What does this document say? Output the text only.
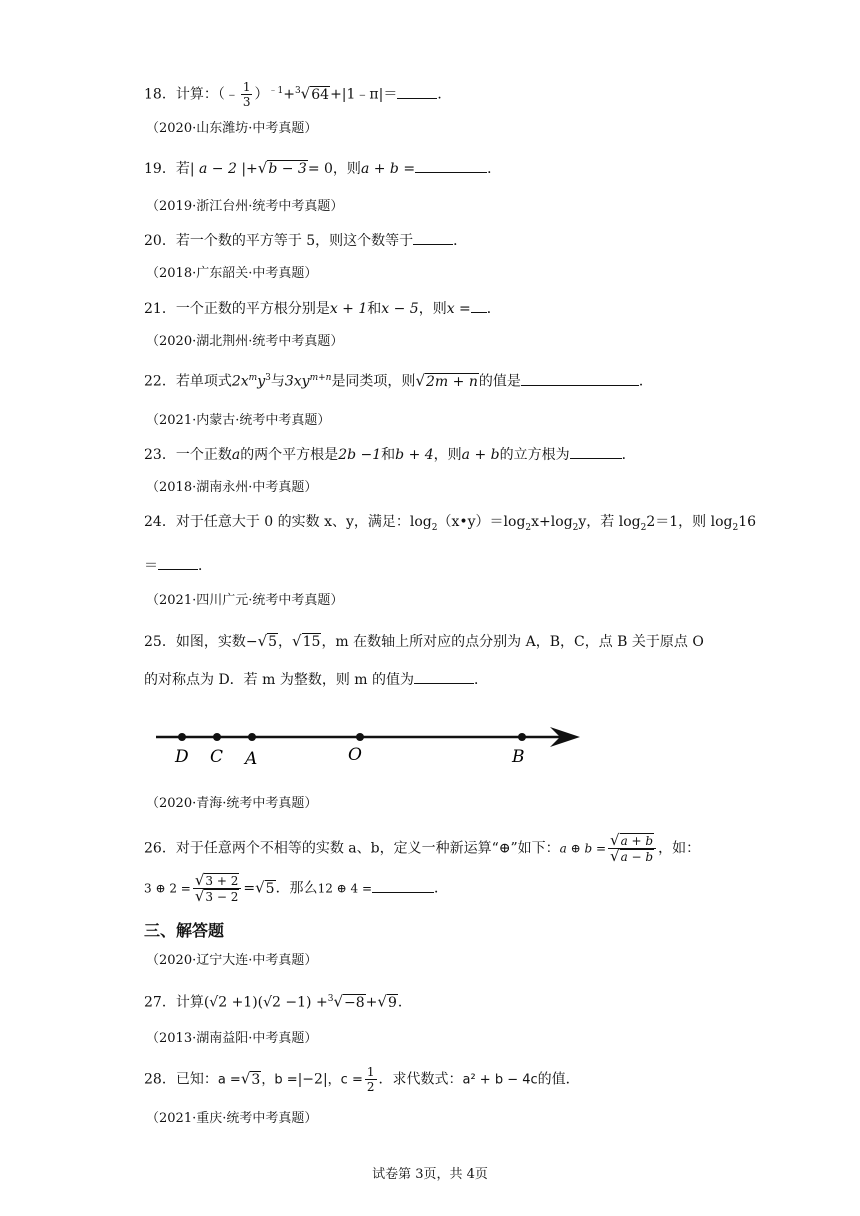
18．计算：（﹣ $\frac{1}{3}$ ）$^{﹣1}$+$^3$√64+|1﹣π|＝	．
（2020·山东潍坊·中考真题）
19．若| a − 2 |+√b − 3= 0，则a + b =	．
（2019·浙江台州·统考中考真题）
20．若一个数的平方等于 5，则这个数等于	．
（2018·广东韶关·中考真题）
21．一个正数的平方根分别是x + 1和x − 5，则x = ．
（2020·湖北荆州·统考中考真题）
22．若单项式$2x^my^3$与$3xy^{m+n}$是同类项，则√2m + n的值是	．
（2021·内蒙古·统考中考真题）
23．一个正数a的两个平方根是2b −1和b + 4，则a + b的立方根为	．
（2018·湖南永州·中考真题）
24．对于任意大于 0 的实数 x、y，满足：$\log_2(x•y)=\log_2x+\log_2y$，若 $\log_22=1$，则 $\log_216$
＝	．
（2021·四川广元·统考中考真题）
25．如图，实数−√5，√15，m 在数轴上所对应的点分别为 A，B，C，点 B 关于原点 O
的对称点为 D．若 m 为整数，则 m 的值为	．
D C A	O	B
（2020·青海·统考中考真题）
26．对于任意两个不相等的实数 a、b，定义一种新运算“⊕”如下：a ⊕ $b = \frac{√a + b}{√a - b}$ ，如：
3 ⊕ $2 = \frac{√3 + 2}{√3 - 2} =√5$．那么12 ⊕ 4 =	．
三、解答题
（2020·辽宁大连·中考真题）
27．计算(√2 +1)(√2 −1) +$^3$√−8+√9．
（2013·湖南益阳·中考真题）
28．已知：a =√3，b =|−2|，$c = \frac{1}{2}$ ．求代数式：a² + b − 4c的值．
（2021·重庆·统考中考真题）
试卷第 3页，共 4页
